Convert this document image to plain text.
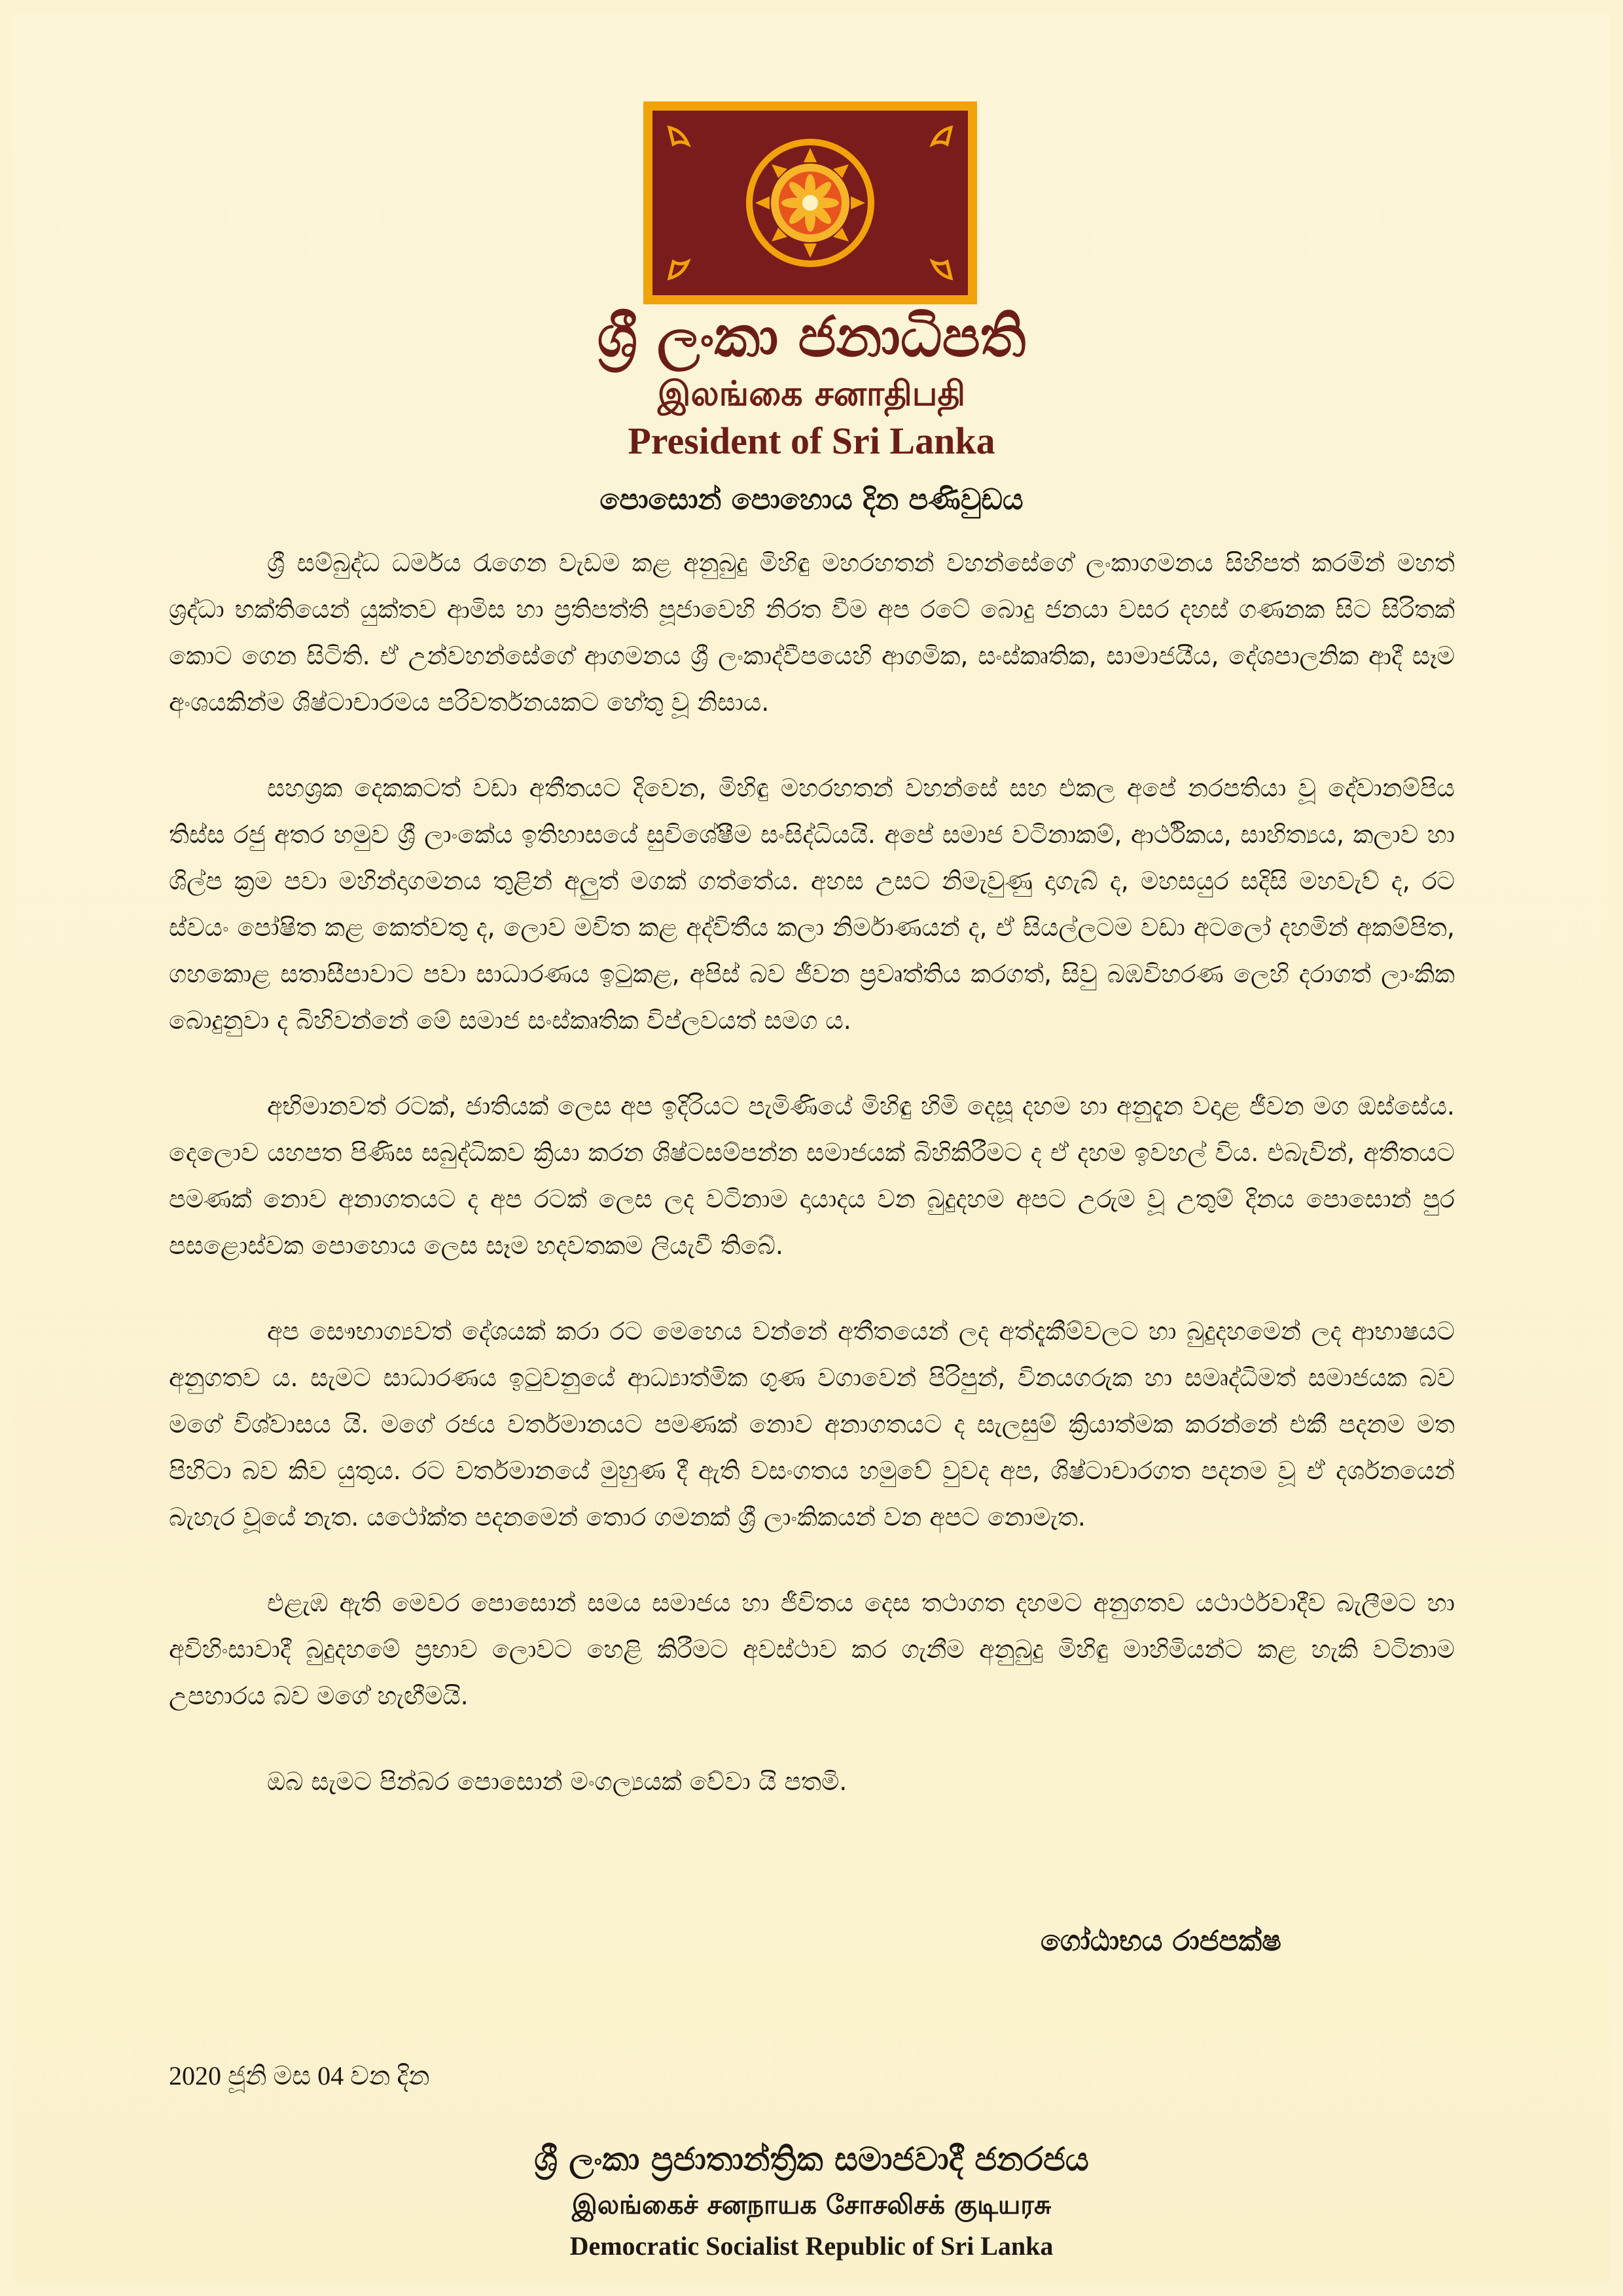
ශ්‍රී ලංකා ජනාධිපති
இலங்கை சனாதிபதி
President of Sri Lanka
පොසොන් පොහොය දින පණිවුඩය

ශ්‍රී සම්බුද්ධ ධර්මය රැගෙන වැඩම කළ අනුබුදු මිහිඳු මහරහතන් වහන්සේගේ ලංකාගමනය සිහිපත් කරමින් මහත් ශ්‍රද්ධා භක්තියෙන් යුක්තව ආමිස හා ප්‍රතිපත්ති පූජාවෙහි නිරත වීම අප රටේ බොදු ජනයා වසර දහස් ගණනක සිට සිරිතක් කොට ගෙන සිටිති. ඒ උන්වහන්සේගේ ආගමනය ශ්‍රී ලංකාද්වීපයෙහි ආගමික, සංස්කෘතික, සාමාජයීය, දේශපාලනික ආදී සෑම අංශයකින්ම ශිෂ්ටාචාරමය පරිවර්තනයකට හේතු වූ නිසාය.

සහශ්‍රක දෙකකටත් වඩා අතීතයට දිවෙන, මිහිඳු මහරහතන් වහන්සේ සහ එකල අපේ නරපතියා වූ දේවානම්පිය තිස්ස රජු අතර හමුව ශ්‍රී ලාංකේය ඉතිහාසයේ සුවිශේෂීම සංසිද්ධියයි. අපේ සමාජ වටිනාකම්, ආර්ථිකය, සාහිත්‍යය, කලාව හා ශිල්ප ක්‍රම පවා මහින්දාගමනය තුළින් අලුත් මගක් ගත්තේය. අහස උසට නිමැවුණු දාගැබ් ද, මහසයුර සදිසි මහවැව් ද, රට ස්වයං පෝෂිත කළ කෙත්වතු ද, ලොව මවිත කළ අද්විතීය කලා නිර්මාණයන් ද, ඒ සියල්ලටම වඩා අටලෝ දහමින් අකම්පිත, ගහකොළ සතාසීපාවාට පවා සාධාරණය ඉටුකළ, අපිස් බව ජීවන ප්‍රවෘත්තිය කරගත්, සිවු බඹවිහරණ ලෙහි දරාගත් ලාංකික බොදුනුවා ද බිහිවන්නේ මේ සමාජ සංස්කෘතික විප්ලවයත් සමග ය.

අභිමානවත් රටක්, ජාතියක් ලෙස අප ඉදිරියට පැමිණියේ මිහිඳු හිමි දෙසූ දහම හා අනුදැන වදාළ ජීවන මග ඔස්සේය. දෙලොව යහපත පිණිස සබුද්ධිකව ක්‍රියා කරන ශිෂ්ටසම්පන්න සමාජයක් බිහිකිරීමට ද ඒ දහම ඉවහල් විය. එබැවින්, අතීතයට පමණක් නොව අනාගතයට ද අප රටක් ලෙස ලද වටිනාම දායාදය වන බුදුදහම අපට උරුම වූ උතුම් දිනය පොසොන් පුර පසළොස්වක පොහොය ලෙස සෑම හදවතකම ලියැවී තිබේ.

අප සෞභාග්‍යවත් දේශයක් කරා රට මෙහෙය වන්නේ අතීතයෙන් ලද අත්දැකීම්වලට හා බුදුදහමෙන් ලද ආභාෂයට අනුගතව ය. සැමට සාධාරණය ඉටුවනුයේ ආධ්‍යාත්මික ගුණ වගාවෙන් පිරිපුන්, විනයගරුක හා සමෘද්ධිමත් සමාජයක බව මගේ විශ්වාසය යි. මගේ රජය වර්තමානයට පමණක් නොව අනාගතයට ද සැලසුම් ක්‍රියාත්මක කරන්නේ එකී පදනම මත පිහිටා බව කිව යුතුය. රට වර්තමානයේ මුහුණ දී ඇති වසංගතය හමුවේ වුවද අප, ශිෂ්ටාචාරගත පදනම වූ ඒ දර්ශනයෙන් බැහැර වූයේ නැත. යථෝක්ත පදනමෙන් තොර ගමනක් ශ්‍රී ලාංකිකයන් වන අපට නොමැත.

එළැඹ ඇති මෙවර පොසොන් සමය සමාජය හා ජීවිතය දෙස තථාගත දහමට අනුගතව යථාර්ථවාදීව බැලීමට හා අවිහිංසාවාදී බුදුදහමේ ප්‍රභාව ලොවට හෙළි කිරීමට අවස්ථාව කර ගැනීම අනුබුදු මිහිඳු මාහිමියන්ට කළ හැකි වටිනාම උපහාරය බව මගේ හැඟීමයි.

ඔබ සැමට පින්බර පොසොන් මංගල්‍යයක් වේවා යි පතමි.

ගෝඨාභය රාජපක්ෂ
2020 ජූනි මස 04 වන දින
ශ්‍රී ලංකා ප්‍රජාතාන්ත්‍රික සමාජවාදී ජනරජය
இலங்கைச் சனநாயக சோசலிசக் குடியரசு
Democratic Socialist Republic of Sri Lanka
